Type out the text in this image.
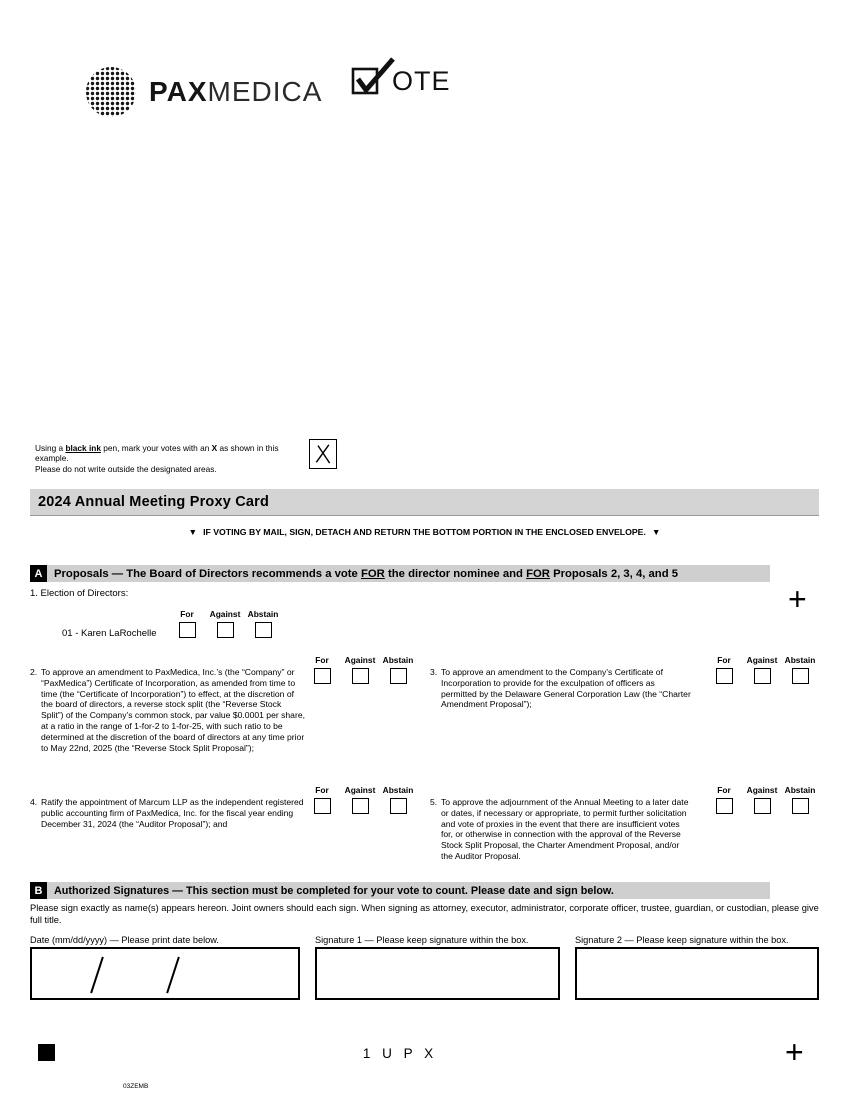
PAXMEDICA	OTE
Using a black ink pen, mark your votes with an X as shown in this example.
Please do not write outside the designated areas.
2024 Annual Meeting Proxy Card
▼ IF VOTING BY MAIL, SIGN, DETACH AND RETURN THE BOTTOM PORTION IN THE ENCLOSED ENVELOPE. ▼
A	Proposals — The Board of Directors recommends a vote FOR the director nominee and FOR Proposals 2, 3, 4, and 5
1. Election of Directors:	+
For Against Abstain
01 - Karen LaRochelle
For Against Abstain
2. To approve an amendment to PaxMedica, Inc.’s (the “Company” or “PaxMedica”) Certificate of Incorporation, as amended from time to time (the “Certificate of Incorporation”) to effect, at the discretion of the board of directors, a reverse stock split (the “Reverse Stock Split”) of the Company’s common stock, par value $0.0001 per share, at a ratio in the range of 1-for-2 to 1-for-25, with such ratio to be determined at the discretion of the board of directors at any time prior to May 22nd, 2025 (the “Reverse Stock Split Proposal”);
For Against Abstain
3. To approve an amendment to the Company’s Certificate of Incorporation to provide for the exculpation of officers as permitted by the Delaware General Corporation Law (the “Charter Amendment Proposal”);
For Against Abstain
4. Ratify the appointment of Marcum LLP as the independent registered public accounting firm of PaxMedica, Inc. for the fiscal year ending December 31, 2024 (the “Auditor Proposal”); and
For Against Abstain
5. To approve the adjournment of the Annual Meeting to a later date or dates, if necessary or appropriate, to permit further solicitation and vote of proxies in the event that there are insufficient votes for, or otherwise in connection with the approval of the Reverse Stock Split Proposal, the Charter Amendment Proposal, and/or the Auditor Proposal.
B	Authorized Signatures — This section must be completed for your vote to count. Please date and sign below.
Please sign exactly as name(s) appears hereon. Joint owners should each sign. When signing as attorney, executor, administrator, corporate officer, trustee, guardian, or custodian, please give full title.
Date (mm/dd/yyyy) — Please print date below.	Signature 1 — Please keep signature within the box.	Signature 2 — Please keep signature within the box.
1 U P X	+
03ZEMB
